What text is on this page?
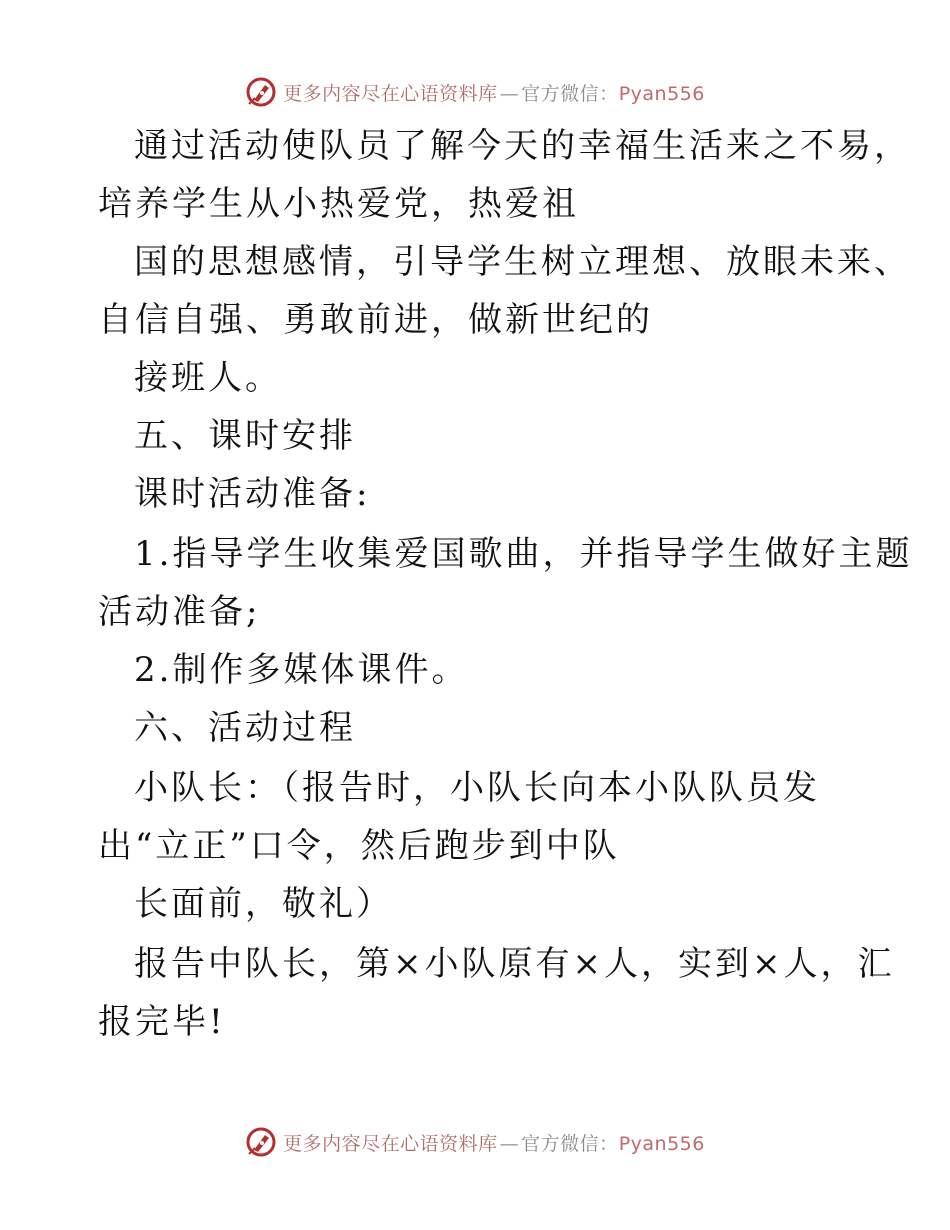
更多内容尽在心语资料库 — 官方微信：Pyan556
通过活动使队员了解今天的幸福生活来之不易，
培养学生从小热爱党，热爱祖
国的思想感情，引导学生树立理想、放眼未来、
自信自强、勇敢前进，做新世纪的
接班人。
五、课时安排
课时活动准备:
1.指导学生收集爱国歌曲，并指导学生做好主题
活动准备;
2.制作多媒体课件。
六、活动过程
小队长：（报告时，小队长向本小队队员发
出“立正”口令，然后跑步到中队
长面前，敬礼）
报告中队长，第×小队原有×人，实到×人，汇
报完毕!
更多内容尽在心语资料库 — 官方微信：Pyan556
